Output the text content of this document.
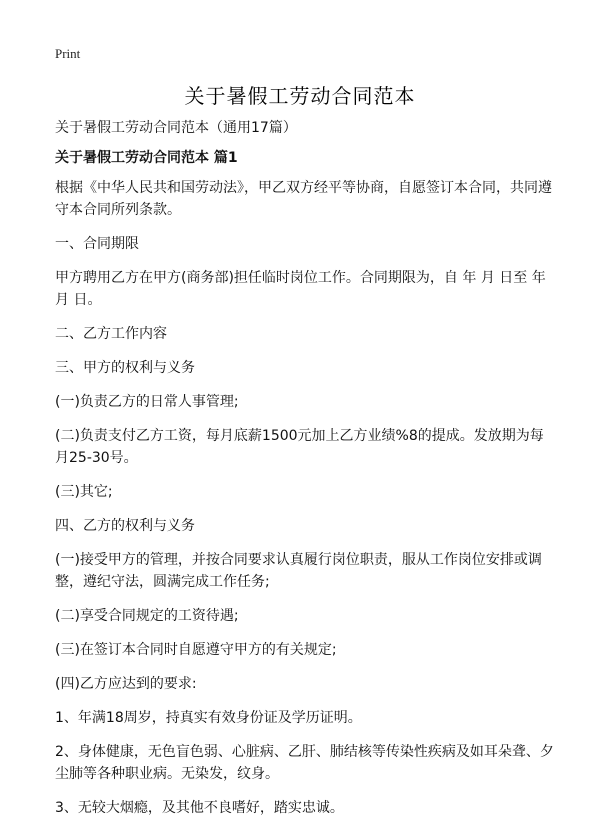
Print
关于暑假工劳动合同范本

关于暑假工劳动合同范本（通用17篇）

关于暑假工劳动合同范本 篇1

根据《中华人民共和国劳动法》，甲乙双方经平等协商，自愿签订本合同，共同遵守本合同所列条款。

一、合同期限

甲方聘用乙方在甲方(商务部)担任临时岗位工作。合同期限为，自 年 月 日至 年 月 日。

二、乙方工作内容

三、甲方的权利与义务

(一)负责乙方的日常人事管理;

(二)负责支付乙方工资，每月底薪1500元加上乙方业绩%8的提成。发放期为每月25-30号。

(三)其它;

四、乙方的权利与义务

(一)接受甲方的管理，并按合同要求认真履行岗位职责，服从工作岗位安排或调整，遵纪守法，圆满完成工作任务;

(二)享受合同规定的工资待遇;

(三)在签订本合同时自愿遵守甲方的有关规定;

(四)乙方应达到的要求:

1、年满18周岁，持真实有效身份证及学历证明。

2、身体健康，无色盲色弱、心脏病、乙肝、肺结核等传染性疾病及如耳朵聋、夕尘肺等各种职业病。无染发，纹身。

3、无较大烟瘾，及其他不良嗜好，踏实忠诚。
